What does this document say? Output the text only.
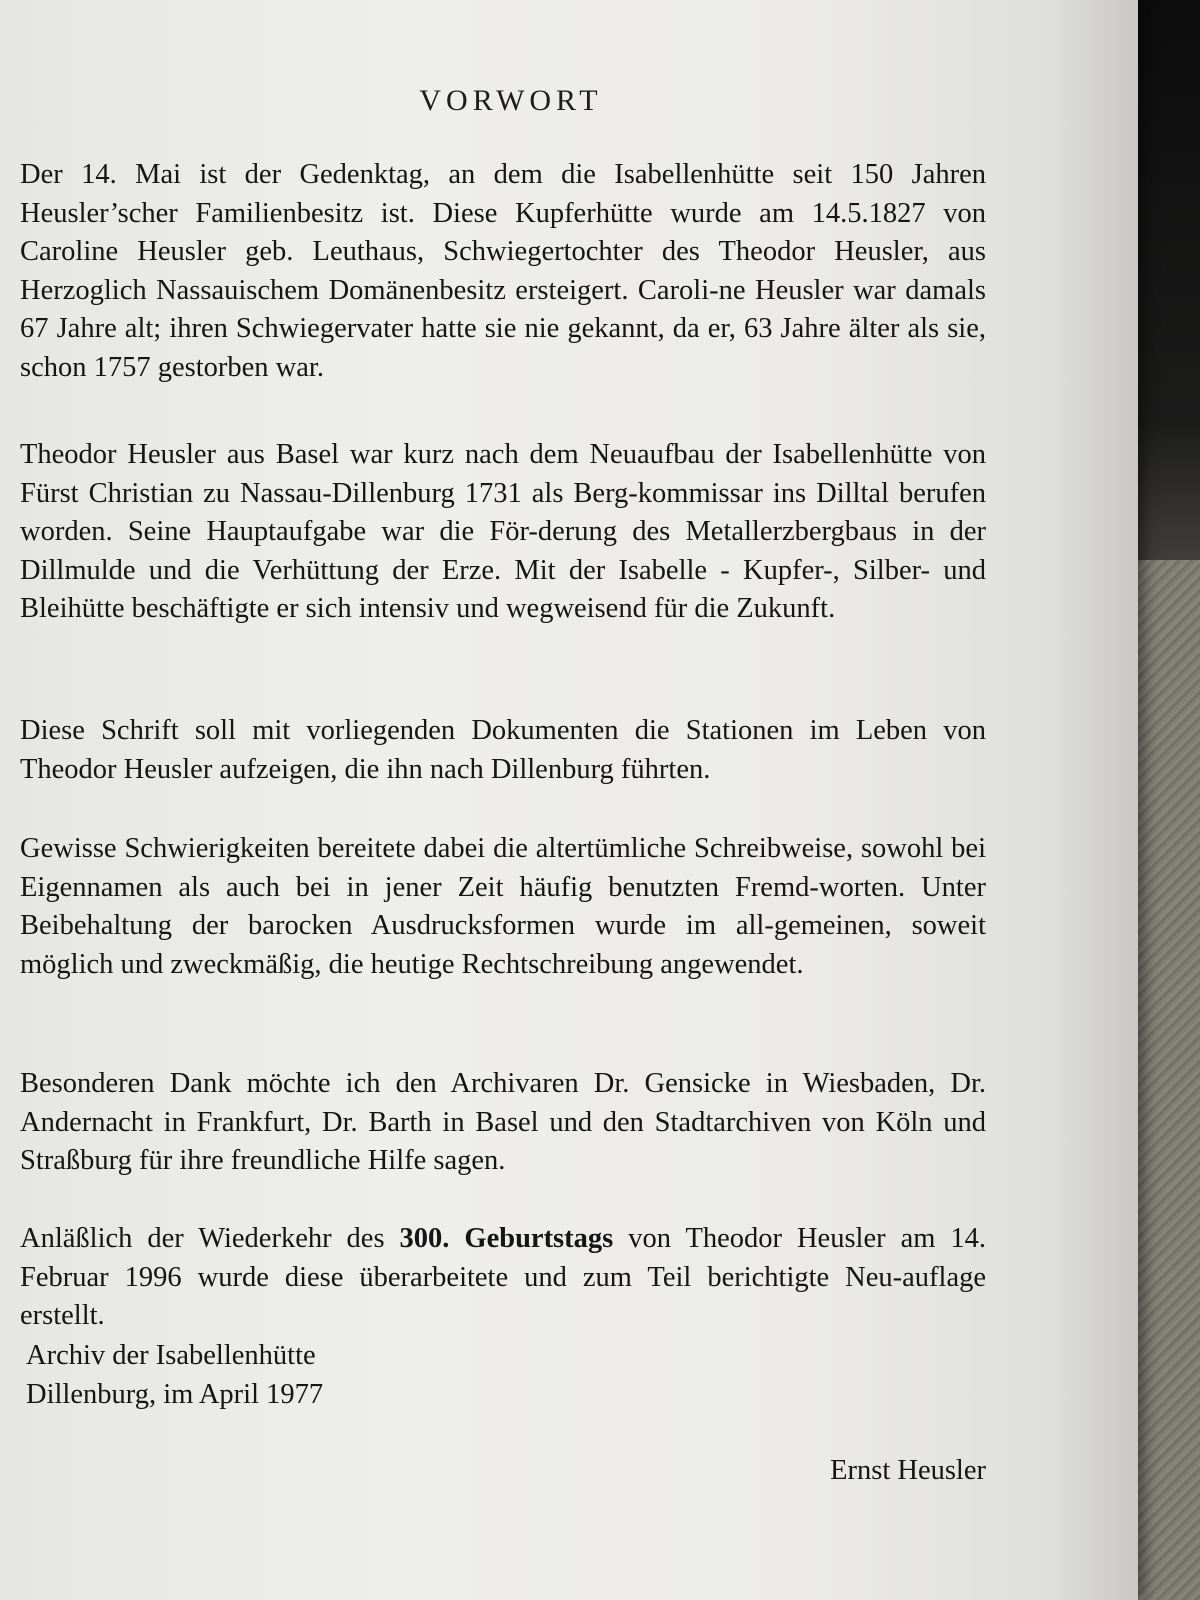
VORWORT

Der 14. Mai ist der Gedenktag, an dem die Isabellenhütte seit 150 Jahren Heusler’scher Familienbesitz ist. Diese Kupferhütte wurde am 14.5.1827 von Caroline Heusler geb. Leuthaus, Schwiegertochter des Theodor Heusler, aus Herzoglich Nassauischem Domänenbesitz ersteigert. Caroli-ne Heusler war damals 67 Jahre alt; ihren Schwiegervater hatte sie nie gekannt, da er, 63 Jahre älter als sie, schon 1757 gestorben war.

Theodor Heusler aus Basel war kurz nach dem Neuaufbau der Isabellenhütte von Fürst Christian zu Nassau-Dillenburg 1731 als Berg-kommissar ins Dilltal berufen worden. Seine Hauptaufgabe war die För-derung des Metallerzbergbaus in der Dillmulde und die Verhüttung der Erze. Mit der Isabelle - Kupfer-, Silber- und Bleihütte beschäftigte er sich intensiv und wegweisend für die Zukunft.

Diese Schrift soll mit vorliegenden Dokumenten die Stationen im Leben von Theodor Heusler aufzeigen, die ihn nach Dillenburg führten.

Gewisse Schwierigkeiten bereitete dabei die altertümliche Schreibweise, sowohl bei Eigennamen als auch bei in jener Zeit häufig benutzten Fremd-worten. Unter Beibehaltung der barocken Ausdrucksformen wurde im all-gemeinen, soweit möglich und zweckmäßig, die heutige Rechtschreibung angewendet.

Besonderen Dank möchte ich den Archivaren Dr. Gensicke in Wiesbaden, Dr. Andernacht in Frankfurt, Dr. Barth in Basel und den Stadtarchiven von Köln und Straßburg für ihre freundliche Hilfe sagen.

Anläßlich der Wiederkehr des 300. Geburtstags von Theodor Heusler am 14. Februar 1996 wurde diese überarbeitete und zum Teil berichtigte Neu-auflage erstellt.

Archiv der Isabellenhütte
Dillenburg, im April 1977
Ernst Heusler
